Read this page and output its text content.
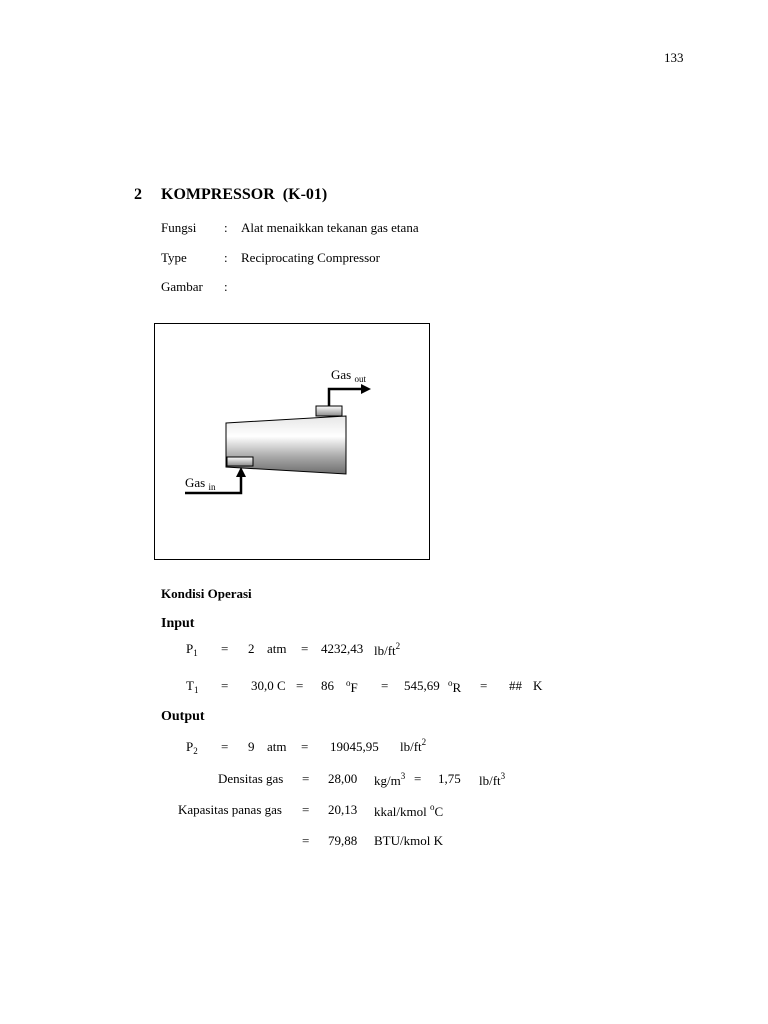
133
2 KOMPRESSOR (K-01)
Fungsi : Alat menaikkan tekanan gas etana
Type	: Reciprocating Compressor
Gambar :
Gas $_{out}$
Gas $_{in}$
Kondisi Operasi
Input
$P_1 = 2$ atm = 4232,43 $lb/ft^2$
$T_1 = 30,0$ C = 86 $^o$F = 545,69 $^o$R = ## K
Output
$P_2 = 9$ atm = 19045,95 $lb/ft^2$
Densitas gas = 28,00 $kg/m^3 = 1,75$ $lb/ft^3$
Kapasitas panas gas = 20,13 kkal/kmol $^o$C
= 79,88 BTU/kmol K
